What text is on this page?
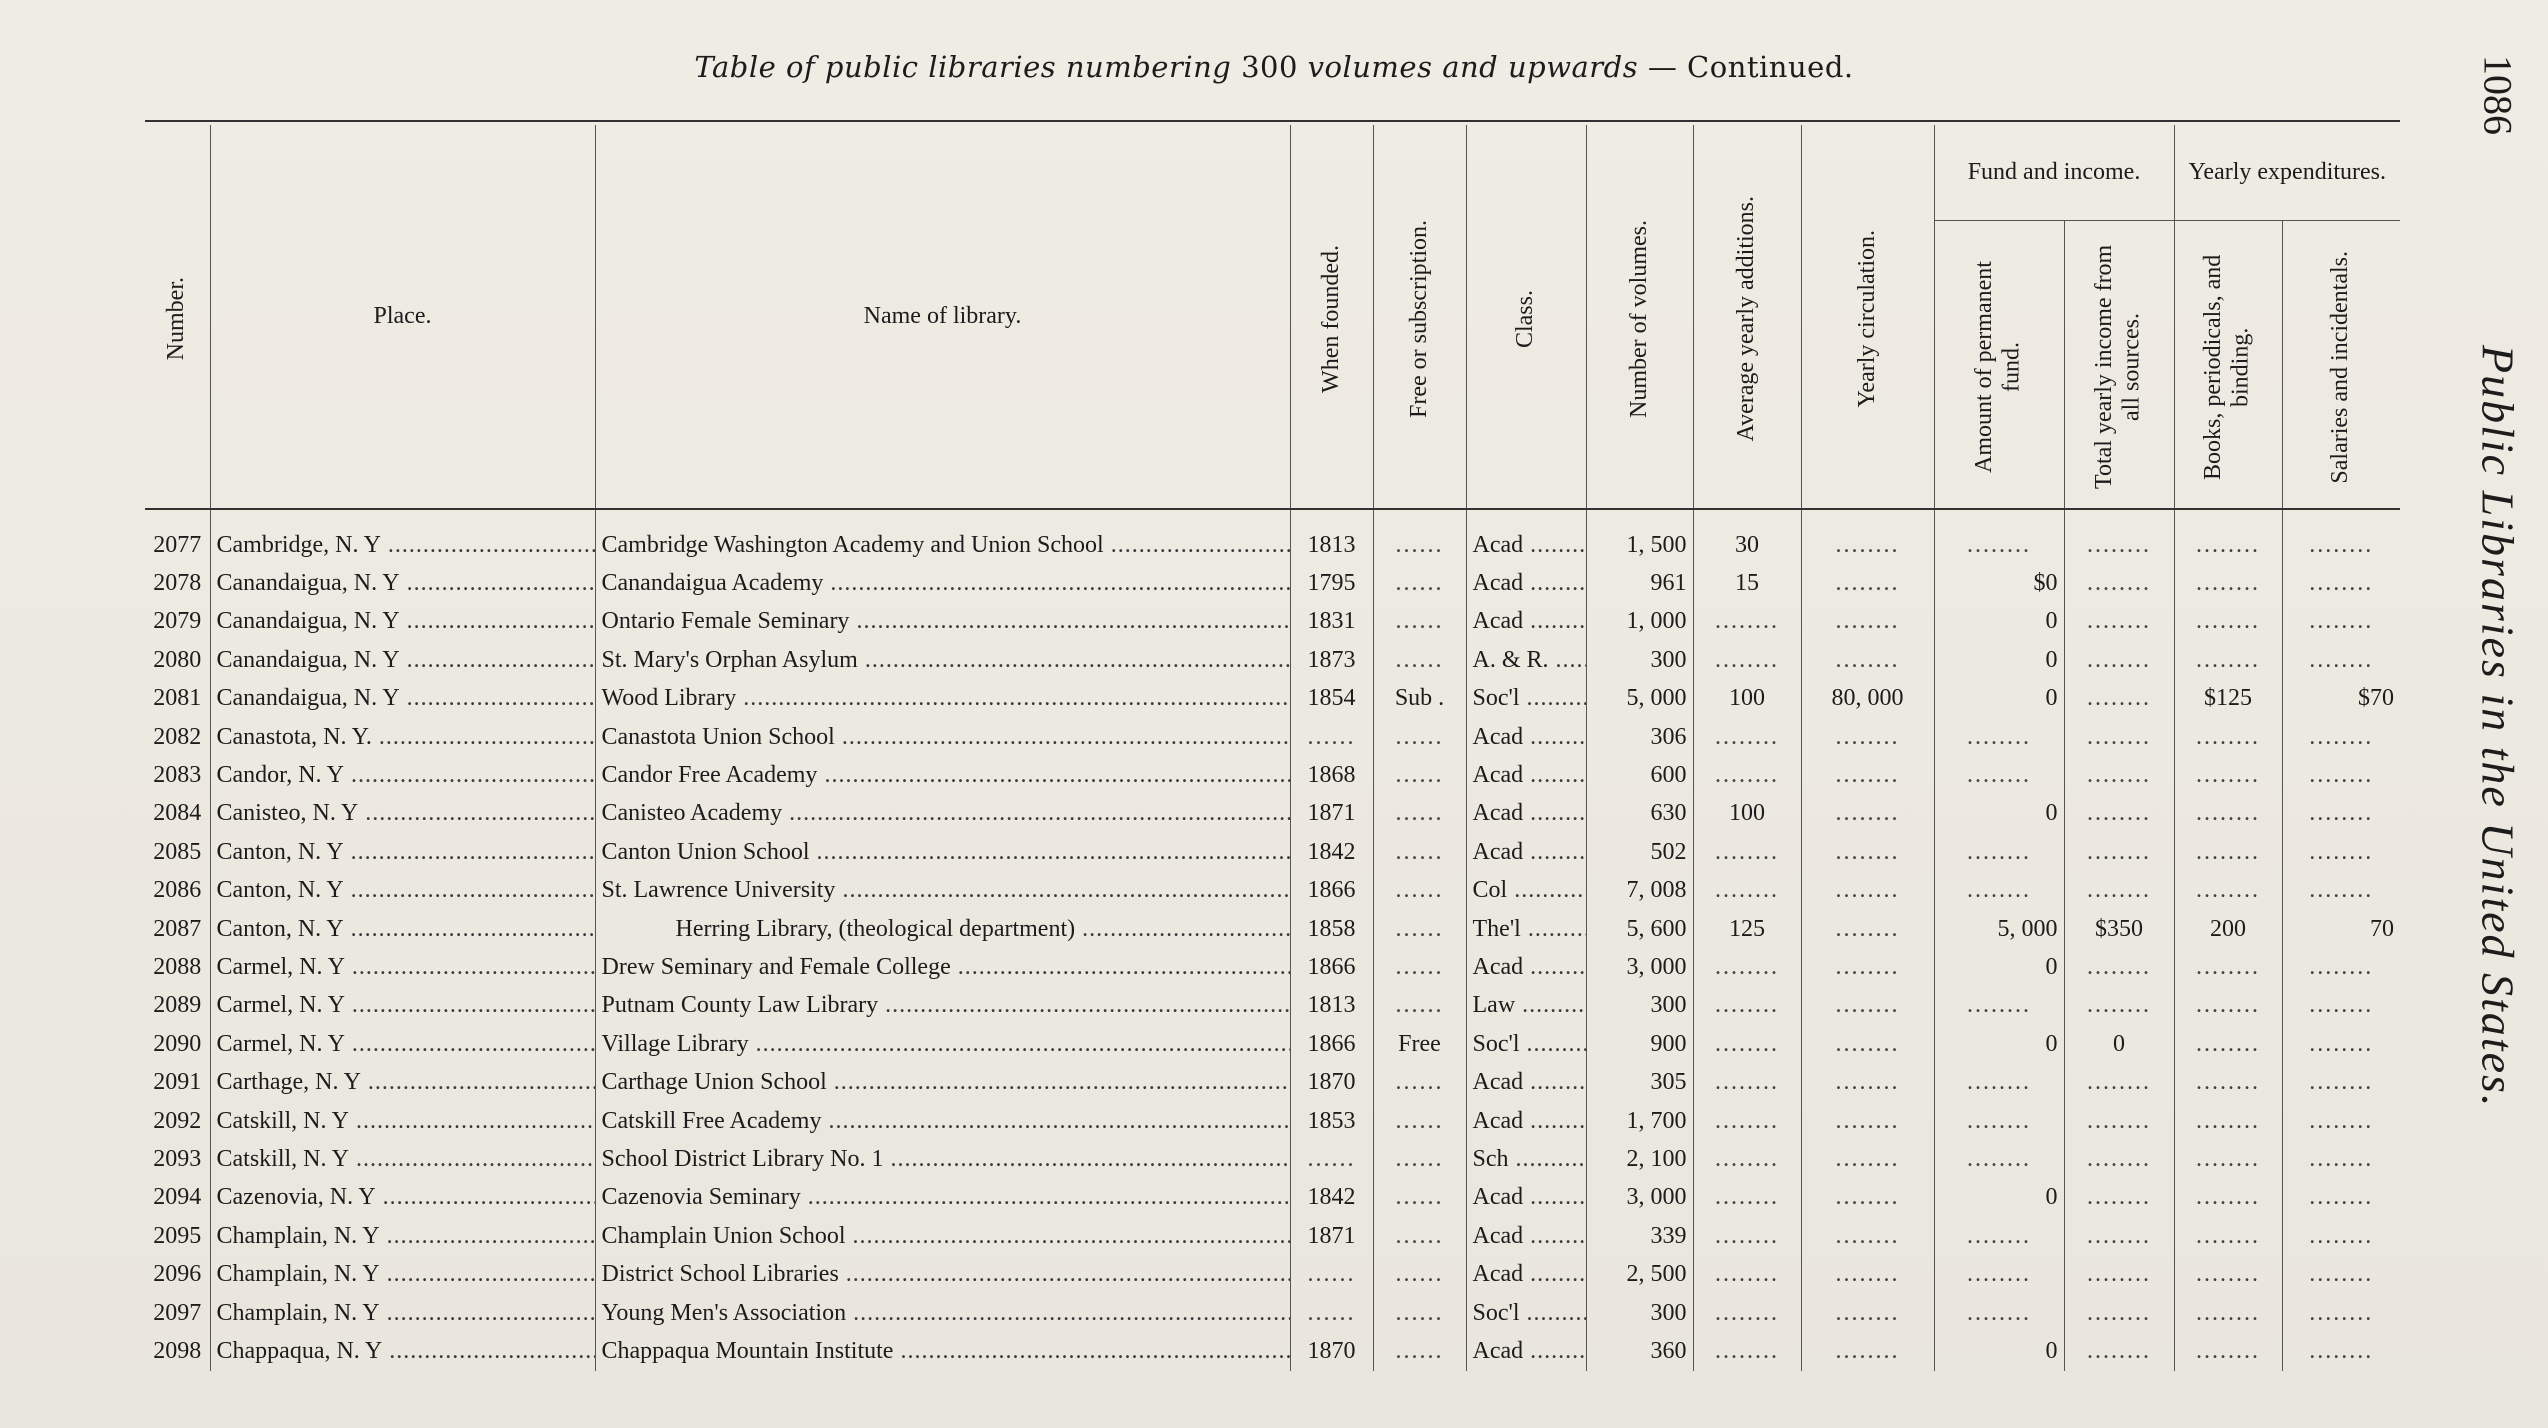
Table of public libraries numbering 300 volumes and upwards — Continued.	1086
Public Libraries in the United States.
Number.	Place.	Name of library.	When founded.	Free or subscription.	Class.	Number of volumes.	Average yearly additions.	Yearly circulation.	Fund and income.		Yearly expenditures.	
									Amount of permanent fund.	Total yearly income from all sources.	Books, periodicals, and binding.	Salaries and incidentals.
2077	Cambridge, N. Y .....	Cambridge Washington Academy and Union School .....	1813	......	Acad .....	1, 500	30	........	........	........	........	........
2078	Canandaigua, N. Y .....	Canandaigua Academy .....	1795	......	Acad .....	961	15	........	$0	........	........	........
2079	Canandaigua, N. Y .....	Ontario Female Seminary .....	1831	......	Acad .....	1, 000	........	........	0	........	........	........
2080	Canandaigua, N. Y .....	St. Mary's Orphan Asylum .....	1873	......	A. & R. .....	300	........	........	0	........	........	........
2081	Canandaigua, N. Y .....	Wood Library .....	1854	Sub .	Soc'l .....	5, 000	100	80, 000	0	........	$125	$70
2082	Canastota, N. Y. .....	Canastota Union School .....	......	......	Acad .....	306	........	........	........	........	........	........
2083	Candor, N. Y .....	Candor Free Academy .....	1868	......	Acad .....	600	........	........	........	........	........	........
2084	Canisteo, N. Y .....	Canisteo Academy .....	1871	......	Acad .....	630	100	........	0	........	........	........
2085	Canton, N. Y .....	Canton Union School .....	1842	......	Acad .....	502	........	........	........	........	........	........
2086	Canton, N. Y .....	St. Lawrence University .....	1866	......	Col .....	7, 008	........	........	........	........	........	........
2087	Canton, N. Y .....	Herring Library, (theological department) .....	1858	......	The'l .....	5, 600	125	........	5, 000	$350	200	70
2088	Carmel, N. Y .....	Drew Seminary and Female College .....	1866	......	Acad .....	3, 000	........	........	0	........	........	........
2089	Carmel, N. Y .....	Putnam County Law Library .....	1813	......	Law .....	300	........	........	........	........	........	........
2090	Carmel, N. Y .....	Village Library .....	1866	Free	Soc'l .....	900	........	........	0	0	........	........
2091	Carthage, N. Y .....	Carthage Union School .....	1870	......	Acad .....	305	........	........	........	........	........	........
2092	Catskill, N. Y .....	Catskill Free Academy .....	1853	......	Acad .....	1, 700	........	........	........	........	........	........
2093	Catskill, N. Y .....	School District Library No. 1 .....	......	......	Sch .....	2, 100	........	........	........	........	........	........
2094	Cazenovia, N. Y .....	Cazenovia Seminary .....	1842	......	Acad .....	3, 000	........	........	0	........	........	........
2095	Champlain, N. Y .....	Champlain Union School .....	1871	......	Acad .....	339	........	........	........	........	........	........
2096	Champlain, N. Y .....	District School Libraries .....	......	......	Acad .....	2, 500	........	........	........	........	........	........
2097	Champlain, N. Y .....	Young Men's Association .....	......	......	Soc'l .....	300	........	........	........	........	........	........
2098	Chappaqua, N. Y .....	Chappaqua Mountain Institute .....	1870	......	Acad .....	360	........	........	0	........	........	........
